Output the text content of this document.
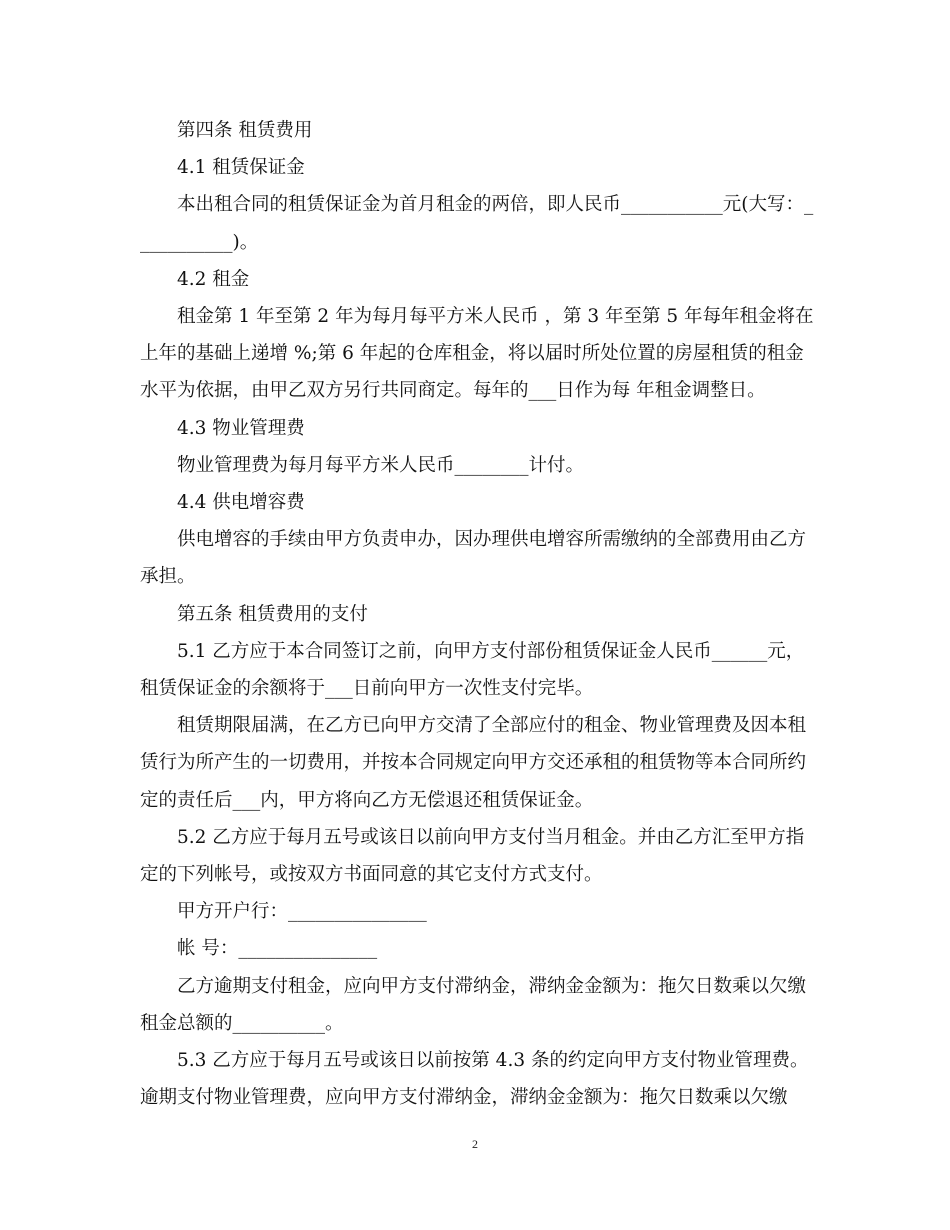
第四条 租赁费用

4.1 租赁保证金

本出租合同的租赁保证金为首月租金的两倍，即人民币___________元(大写：___________)。

4.2 租金

租金第 1 年至第 2 年为每月每平方米人民币 ，第 3 年至第 5 年每年租金将在上年的基础上递增 %;第 6 年起的仓库租金，将以届时所处位置的房屋租赁的租金水平为依据，由甲乙双方另行共同商定。每年的___日作为每 年租金调整日。

4.3 物业管理费

物业管理费为每月每平方米人民币________计付。

4.4 供电增容费

供电增容的手续由甲方负责申办，因办理供电增容所需缴纳的全部费用由乙方承担。

第五条 租赁费用的支付

5.1 乙方应于本合同签订之前，向甲方支付部份租赁保证金人民币______元，租赁保证金的余额将于___日前向甲方一次性支付完毕。

租赁期限届满，在乙方已向甲方交清了全部应付的租金、物业管理费及因本租赁行为所产生的一切费用，并按本合同规定向甲方交还承租的租赁物等本合同所约定的责任后___内，甲方将向乙方无偿退还租赁保证金。

5.2 乙方应于每月五号或该日以前向甲方支付当月租金。并由乙方汇至甲方指定的下列帐号，或按双方书面同意的其它支付方式支付。

甲方开户行：_______________

帐 号：_______________

乙方逾期支付租金，应向甲方支付滞纳金，滞纳金金额为：拖欠日数乘以欠缴租金总额的__________。

5.3 乙方应于每月五号或该日以前按第 4.3 条的约定向甲方支付物业管理费。逾期支付物业管理费，应向甲方支付滞纳金，滞纳金金额为：拖欠日数乘以欠缴

2
